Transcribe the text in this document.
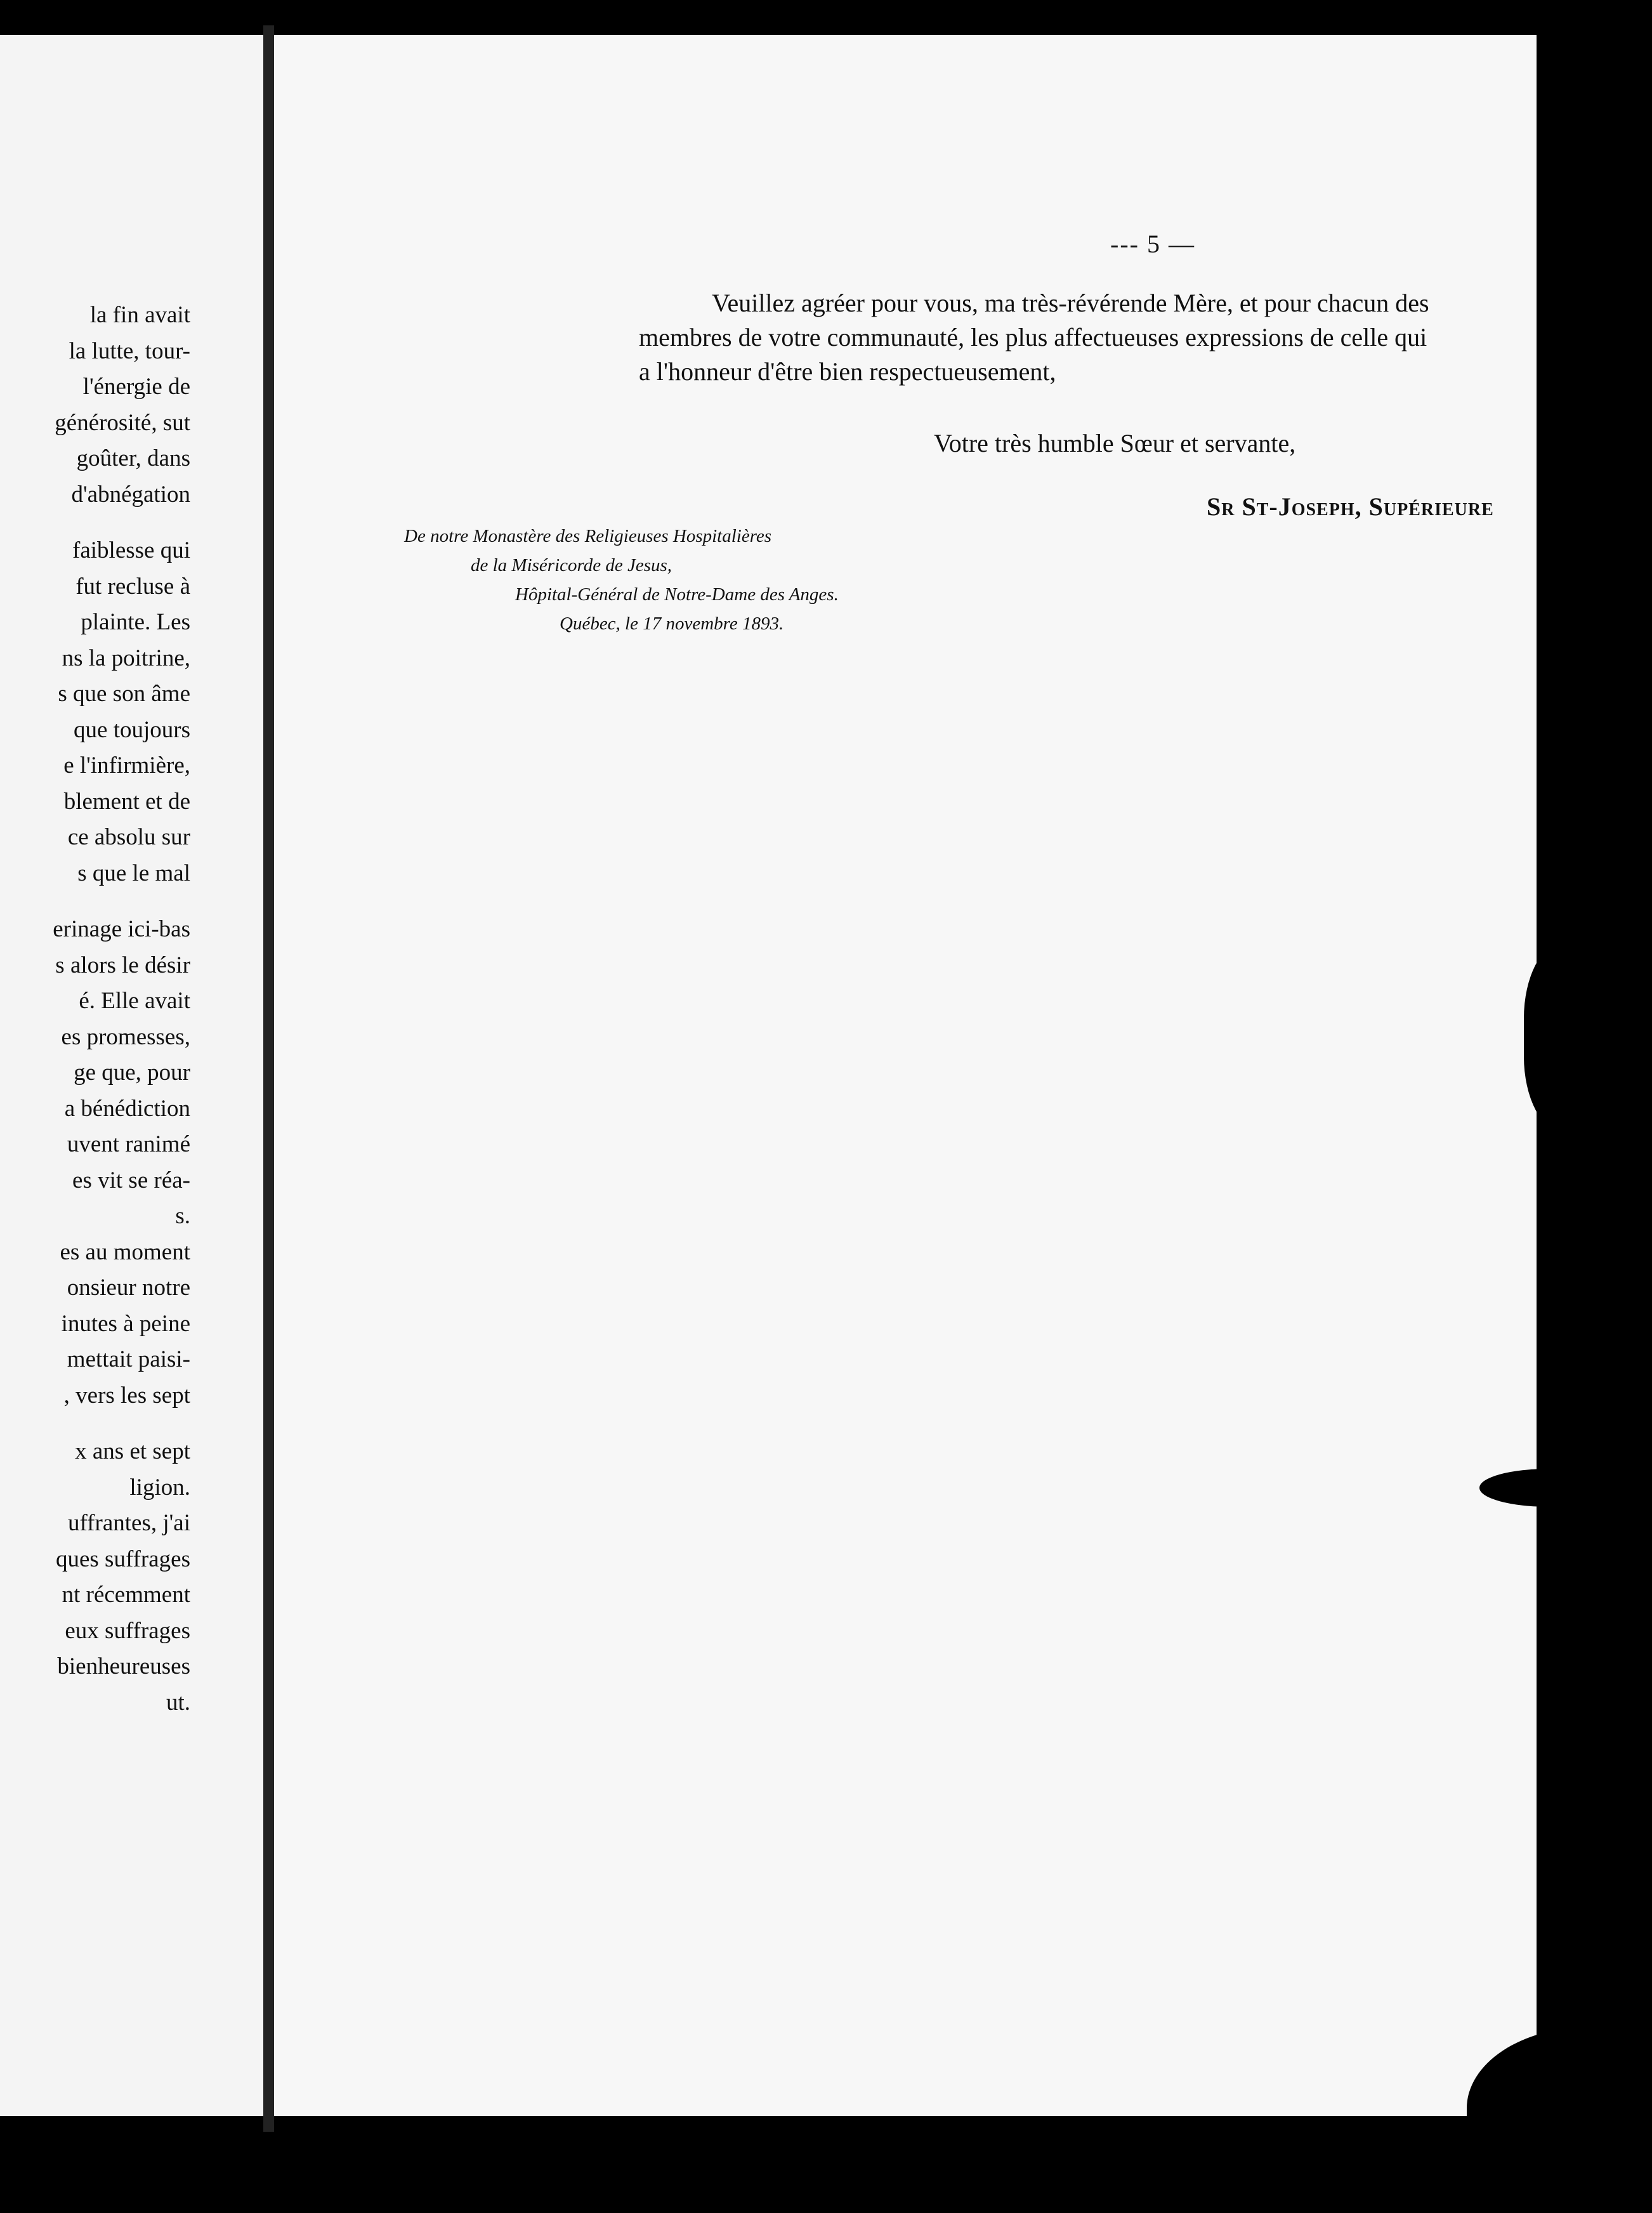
la fin avait
la lutte, tour-
l'énergie de
générosité, sut
goûter, dans
d'abnégation
faiblesse qui
fut recluse à
plainte. Les
ns la poitrine,
s que son âme
que toujours
e l'infirmière,
blement et de
ce absolu sur
s que le mal
erinage ici-bas
s alors le désir
é. Elle avait
es promesses,
ge que, pour
a bénédiction
uvent ranimé
es vit se réa-
s.
es au moment
onsieur notre
inutes à peine
mettait paisi-
, vers les sept
x ans et sept
ligion.
uffrantes, j'ai
ques suffrages
nt récemment
eux suffrages
bienheureuses
ut.
--- 5 —

Veuillez agréer pour vous, ma très-révérende Mère, et pour chacun des

membres de votre communauté, les plus affectueuses expressions de celle qui

a l'honneur d'être bien respectueusement,

Votre très humble Sœur et servante,
Sr St-Joseph, Supérieure
De notre Monastère des Religieuses Hospitalières
de la Miséricorde de Jesus,
Hôpital-Général de Notre-Dame des Anges.
Québec, le 17 novembre 1893.
